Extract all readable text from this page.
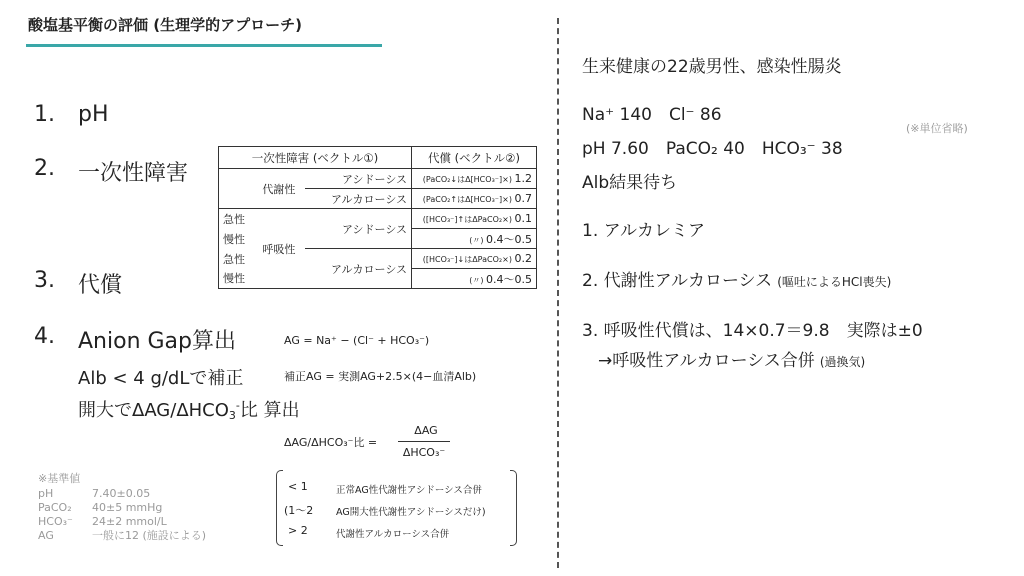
酸塩基平衡の評価 (生理学的アプローチ)
1. pH
2. 一次性障害
3. 代償
4. Anion Gap算出
Alb < 4 g/dLで補正
開大でΔAG/ΔHCO3-比 算出
AG = Na⁺ − (Cl⁻ + HCO₃⁻)
補正AG = 実測AG+2.5×(4−血清Alb)
ΔAG/ΔHCO₃⁻比 =
ΔAG
ΔHCO₃⁻
< 1	正常AG性代謝性アシドーシス合併
(1〜2 AG開大性代謝性アシドーシスだけ)
> 2	代謝性アルカローシス合併
一次性障害 (ベクトル①)			代償 (ベクトル②)
	代謝性	アシドーシス	(PaCO₂↓はΔ[HCO₃⁻]×) 1.2
		アルカローシス	(PaCO₂↑はΔ[HCO₃⁻]×) 0.7
急性	呼吸性	アシドーシス	([HCO₃⁻]↑はΔPaCO₂×) 0.1
慢性			(〃) 0.4〜0.5
急性		アルカローシス	([HCO₃⁻]↓はΔPaCO₂×) 0.2
慢性			(〃) 0.4〜0.5
※基準値
pH	7.40±0.05
PaCO₂ 40±5 mmHg
HCO₃⁻ 24±2 mmol/L
AG	一般に12 (施設による)
生来健康の22歳男性、感染性腸炎
Na⁺ 140　Cl⁻ 86
(※単位省略)
pH 7.60　PaCO₂ 40　HCO₃⁻ 38
Alb結果待ち
1. アルカレミア
2. 代謝性アルカローシス (嘔吐によるHCl喪失)
3. 呼吸性代償は、14×0.7＝9.8　実際は±0
→呼吸性アルカローシス合併 (過換気)
